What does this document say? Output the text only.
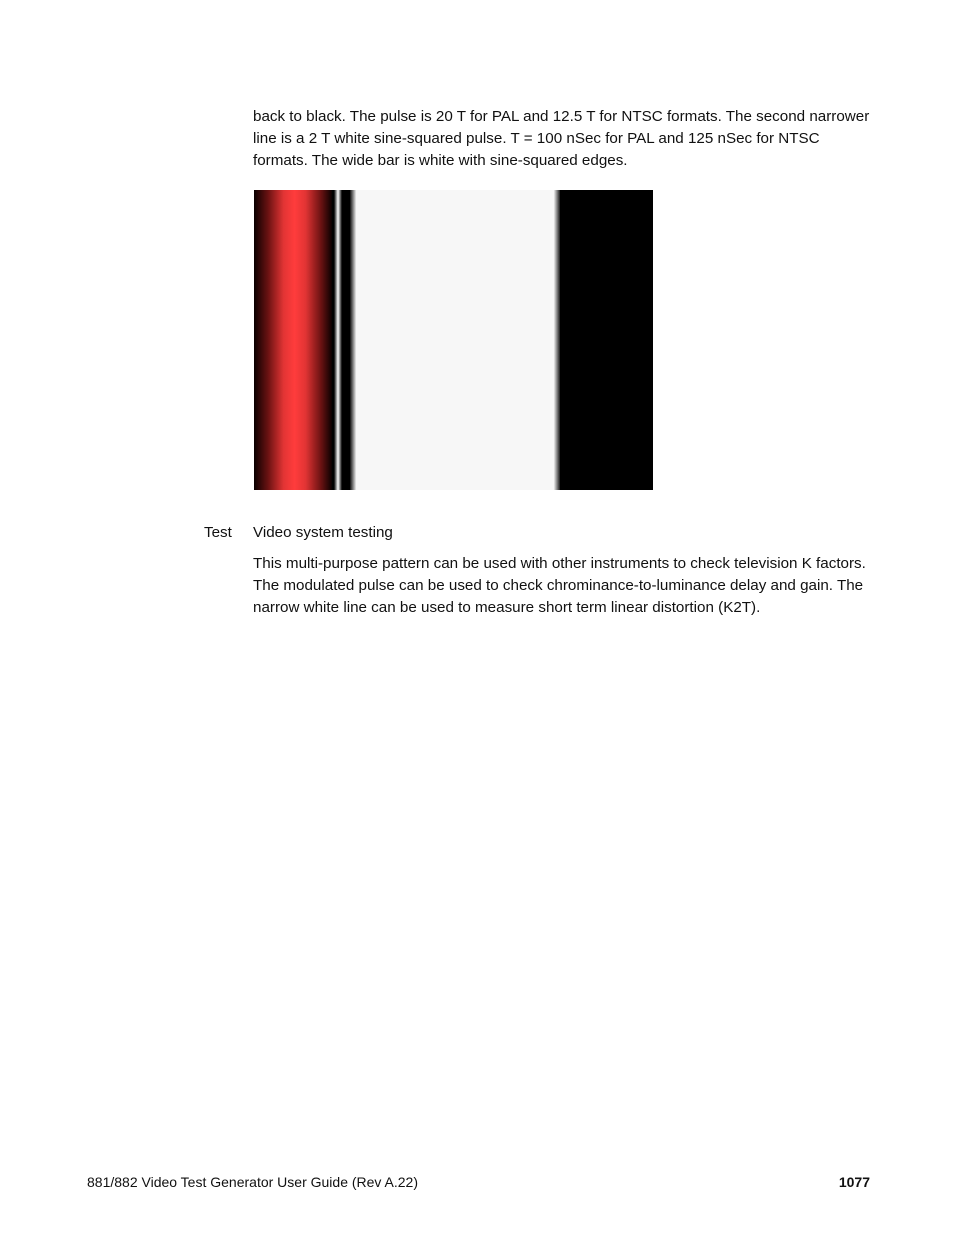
back to black. The pulse is 20 T for PAL and 12.5 T for NTSC formats. The second narrower line is a 2 T white sine-squared pulse. T = 100 nSec for PAL and 125 nSec for NTSC formats. The wide bar is white with sine-squared edges.

Test Video system testing

This multi-purpose pattern can be used with other instruments to check television K factors. The modulated pulse can be used to check chrominance-to-luminance delay and gain. The narrow white line can be used to measure short term linear distortion (K2T).

881/882 Video Test Generator User Guide (Rev A.22)	1077
